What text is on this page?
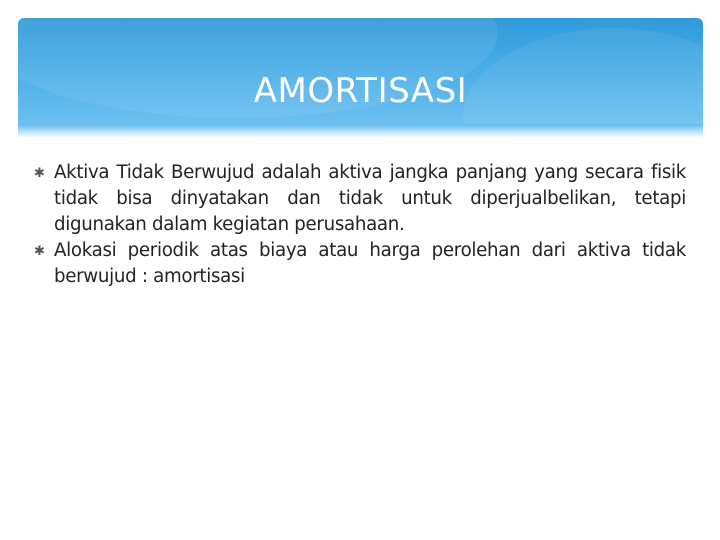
AMORTISASI
✱ Aktiva Tidak Berwujud adalah aktiva jangka panjang yang secara fisik tidak bisa dinyatakan dan tidak untuk diperjualbelikan, tetapi digunakan dalam kegiatan perusahaan.
✱ Alokasi periodik atas biaya atau harga perolehan dari aktiva tidak berwujud : amortisasi
